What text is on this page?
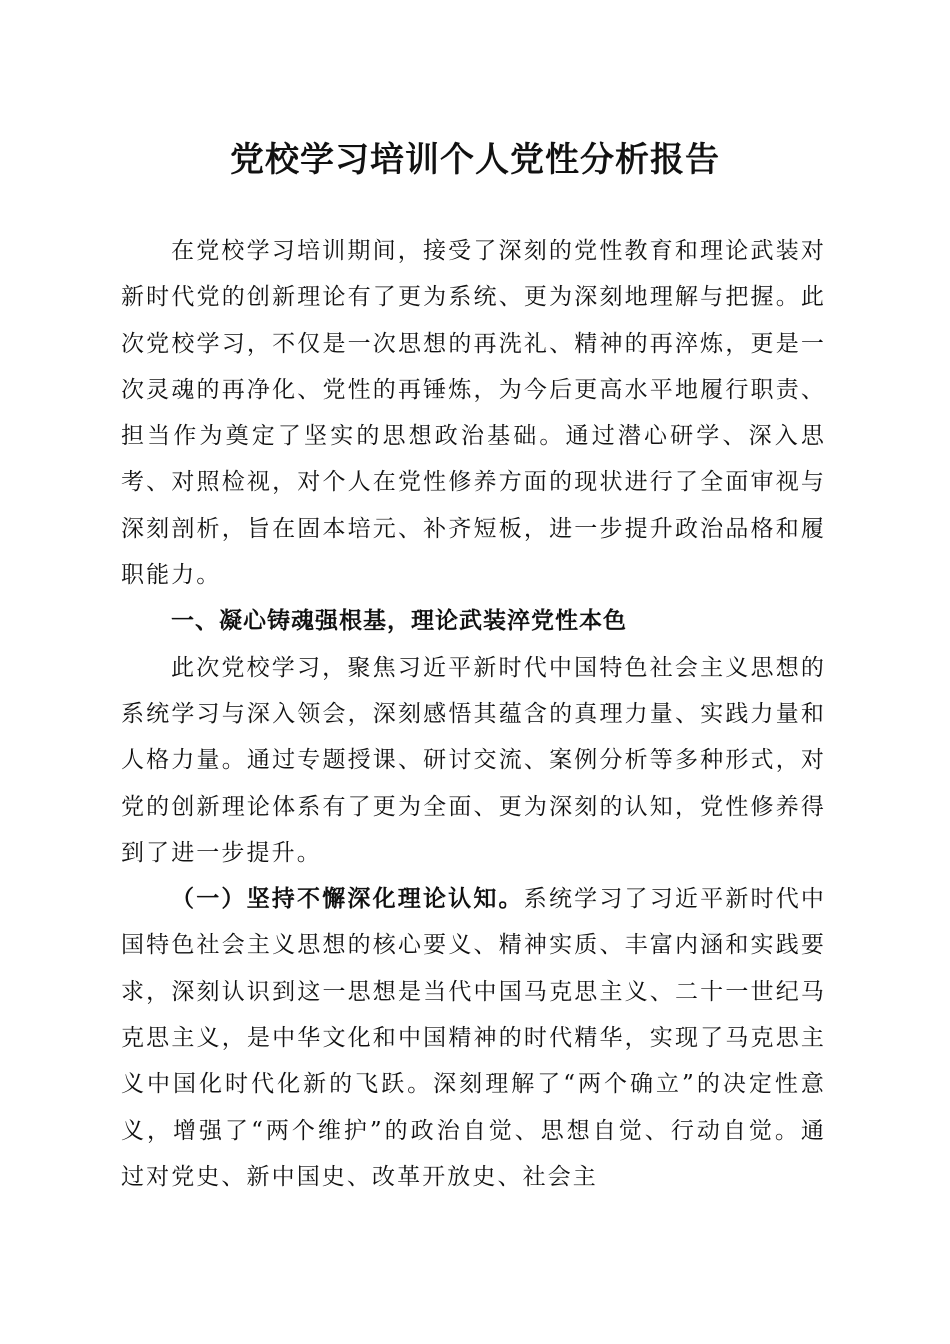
党校学习培训个人党性分析报告

在党校学习培训期间，接受了深刻的党性教育和理论武装对新时代党的创新理论有了更为系统、更为深刻地理解与把握。此次党校学习，不仅是一次思想的再洗礼、精神的再淬炼，更是一次灵魂的再净化、党性的再锤炼，为今后更高水平地履行职责、担当作为奠定了坚实的思想政治基础。通过潜心研学、深入思考、对照检视，对个人在党性修养方面的现状进行了全面审视与深刻剖析，旨在固本培元、补齐短板，进一步提升政治品格和履职能力。

一、凝心铸魂强根基，理论武装淬党性本色

此次党校学习，聚焦习近平新时代中国特色社会主义思想的系统学习与深入领会，深刻感悟其蕴含的真理力量、实践力量和人格力量。通过专题授课、研讨交流、案例分析等多种形式，对党的创新理论体系有了更为全面、更为深刻的认知，党性修养得到了进一步提升。

（一）坚持不懈深化理论认知。系统学习了习近平新时代中国特色社会主义思想的核心要义、精神实质、丰富内涵和实践要求，深刻认识到这一思想是当代中国马克思主义、二十一世纪马克思主义，是中华文化和中国精神的时代精华，实现了马克思主义中国化时代化新的飞跃。深刻理解了“两个确立”的决定性意义，增强了“两个维护”的政治自觉、思想自觉、行动自觉。通过对党史、新中国史、改革开放史、社会主
